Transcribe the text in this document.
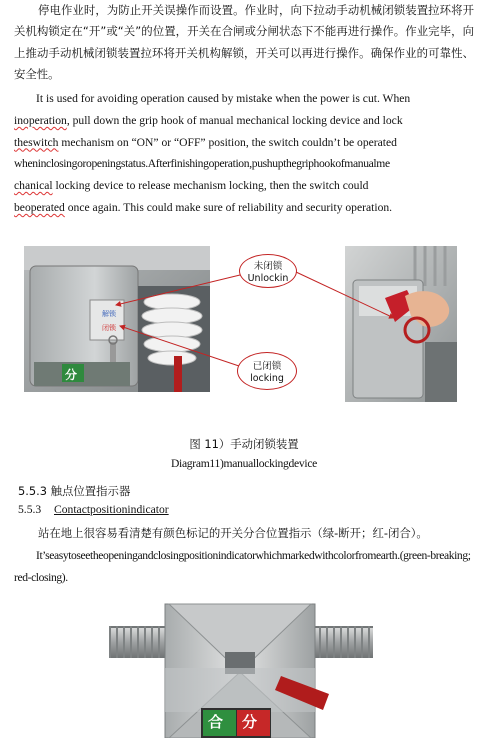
停电作业时，为防止开关误操作而设置。作业时，向下拉动手动机械闭锁装置拉环将开关机构锁定在“开”或“关”的位置，开关在合闸或分闸状态下不能再进行操作。作业完毕，向上推动手动机械闭锁装置拉环将开关机构解锁，开关可以再进行操作。确保作业的可靠性、安全性。

It is used for avoiding operation caused by mistake when the power is cut. When
inoperation, pull down the grip hook of manual mechanical locking device and lock
theswitch mechanism on “ON” or “OFF” position, the switch couldn’t be operated
wheninclosingoropeningstatus.Afterfinishingoperation,pushupthegriphookofmanualme
chanical locking device to release mechanism locking, then the switch could
beoperated once again. This could make sure of reliability and security operation.
解锁
闭锁
分
未闭锁
Unlockin
已闭锁
locking
图 11）手动闭锁装置
Diagram11)manuallockingdevice
5.5.3 触点位置指示器
5.5.3 Contactpositionindicator

站在地上很容易看清楚有颜色标记的开关分合位置指示（绿-断开；红-闭合）。

It’seasytoseetheopeningandclosingpositionindicatorwhichmarkedwithcolorfromearth.(green-breaking;red-closing).

合 分
